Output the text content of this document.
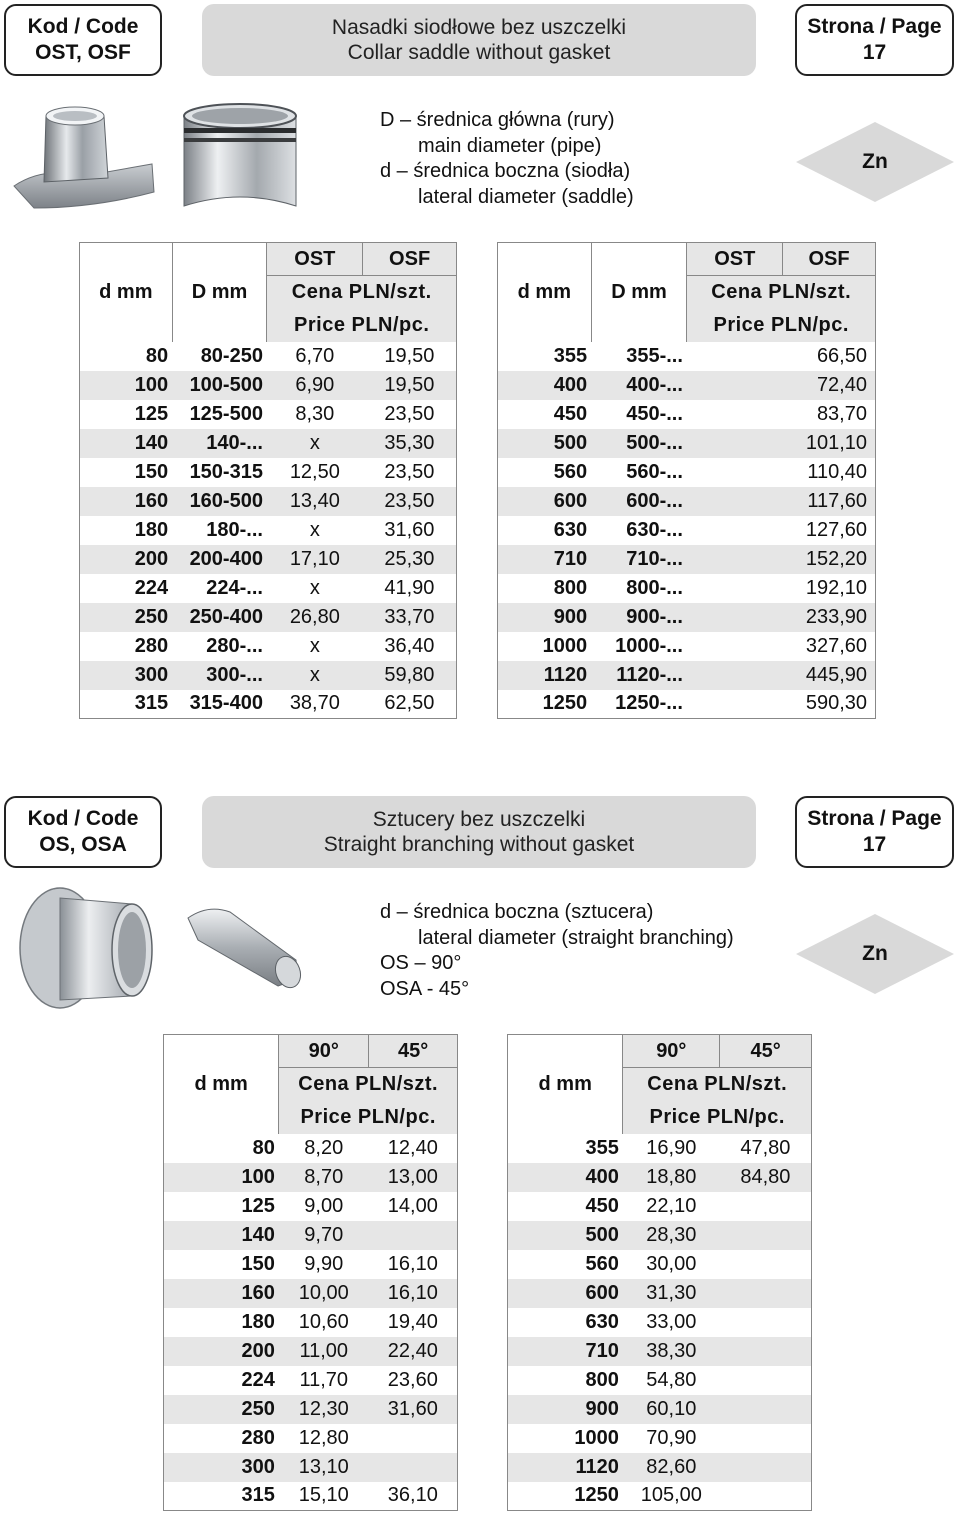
Kod / Code
OST, OSF
Nasadki siodłowe bez uszczelki
Collar saddle without gasket
Strona / Page
17
D – średnica główna (rury)
main diameter (pipe)
d – średnica boczna (siodła)
lateral diameter (saddle)
Zn
d mm	D mm	OST	OSF
		Cena PLN/szt.	
		Price PLN/pc.	
80	80-250	6,70	19,50
100	100-500	6,90	19,50
125	125-500	8,30	23,50
140	140-...	x	35,30
150	150-315	12,50	23,50
160	160-500	13,40	23,50
180	180-...	x	31,60
200	200-400	17,10	25,30
224	224-...	x	41,90
250	250-400	26,80	33,70
280	280-...	x	36,40
300	300-...	x	59,80
315	315-400	38,70	62,50
d mm	D mm	OST	OSF
		Cena PLN/szt.	
		Price PLN/pc.	
355	355-...		66,50
400	400-...		72,40
450	450-...		83,70
500	500-...		101,10
560	560-...		110,40
600	600-...		117,60
630	630-...		127,60
710	710-...		152,20
800	800-...		192,10
900	900-...		233,90
1000	1000-...		327,60
1120	1120-...		445,90
1250	1250-...		590,30
Kod / Code
OS, OSA
Sztucery bez uszczelki
Straight branching without gasket
Strona / Page
17
d – średnica boczna (sztucera)
lateral diameter (straight branching)
OS – 90°
OSA - 45°
Zn
d mm	90°	45°
	Cena PLN/szt.	
	Price PLN/pc.	
80	8,20	12,40
100	8,70	13,00
125	9,00	14,00
140	9,70	
150	9,90	16,10
160	10,00	16,10
180	10,60	19,40
200	11,00	22,40
224	11,70	23,60
250	12,30	31,60
280	12,80	
300	13,10	
315	15,10	36,10
d mm	90°	45°
	Cena PLN/szt.	
	Price PLN/pc.	
355	16,90	47,80
400	18,80	84,80
450	22,10	
500	28,30	
560	30,00	
600	31,30	
630	33,00	
710	38,30	
800	54,80	
900	60,10	
1000	70,90	
1120	82,60	
1250	105,00	
